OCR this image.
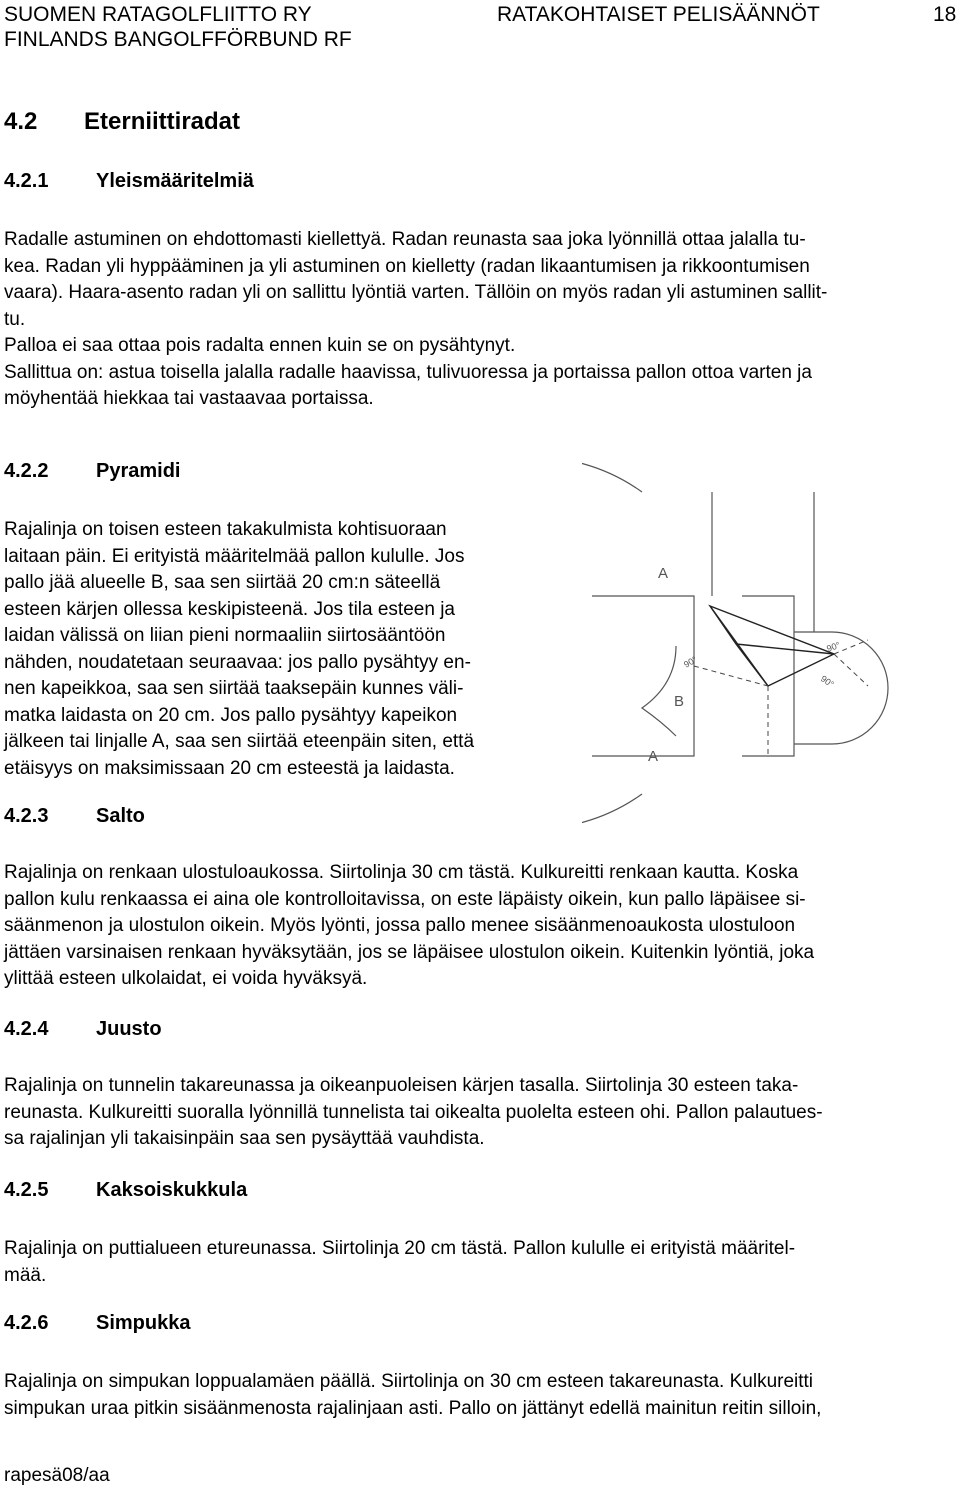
SUOMEN RATAGOLFLIITTO RY
FINLANDS BANGOLFFÖRBUND RF
RATAKOHTAISET PELISÄÄNNÖT	18
4.2 Eterniittiradat
4.2.1 Yleismääritelmiä

Radalle astuminen on ehdottomasti kiellettyä. Radan reunasta saa joka lyönnillä ottaa jalalla tu-

kea. Radan yli hyppääminen ja yli astuminen on kielletty (radan likaantumisen ja rikkoontumisen

vaara). Haara-asento radan yli on sallittu lyöntiä varten. Tällöin on myös radan yli astuminen sallit-

tu.

Palloa ei saa ottaa pois radalta ennen kuin se on pysähtynyt.

Sallittua on: astua toisella jalalla radalle haavissa, tulivuoressa ja portaissa pallon ottoa varten ja

möyhentää hiekkaa tai vastaavaa portaissa.

4.2.2 Pyramidi

Rajalinja on toisen esteen takakulmista kohtisuoraan

laitaan päin. Ei erityistä määritelmää pallon kululle. Jos

pallo jää alueelle B, saa sen siirtää 20 cm:n säteellä

esteen kärjen ollessa keskipisteenä. Jos tila esteen ja

laidan välissä on liian pieni normaaliin siirtosääntöön

nähden, noudatetaan seuraavaa: jos pallo pysähtyy en-

nen kapeikkoa, saa sen siirtää taaksepäin kunnes väli-

matka laidasta on 20 cm. Jos pallo pysähtyy kapeikon

jälkeen tai linjalle A, saa sen siirtää eteenpäin siten, että

etäisyys on maksimissaan 20 cm esteestä ja laidasta.

A
A
B
90°
90°
90°
4.2.3 Salto

Rajalinja on renkaan ulostuloaukossa. Siirtolinja 30 cm tästä. Kulkureitti renkaan kautta. Koska

pallon kulu renkaassa ei aina ole kontrolloitavissa, on este läpäisty oikein, kun pallo läpäisee si-

säänmenon ja ulostulon oikein. Myös lyönti, jossa pallo menee sisäänmenoaukosta ulostuloon

jättäen varsinaisen renkaan hyväksytään, jos se läpäisee ulostulon oikein. Kuitenkin lyöntiä, joka

ylittää esteen ulkolaidat, ei voida hyväksyä.

4.2.4 Juusto

Rajalinja on tunnelin takareunassa ja oikeanpuoleisen kärjen tasalla. Siirtolinja 30 esteen taka-

reunasta. Kulkureitti suoralla lyönnillä tunnelista tai oikealta puolelta esteen ohi. Pallon palautues-

sa rajalinjan yli takaisinpäin saa sen pysäyttää vauhdista.

4.2.5 Kaksoiskukkula

Rajalinja on puttialueen etureunassa. Siirtolinja 20 cm tästä. Pallon kululle ei erityistä määritel-

mää.

4.2.6 Simpukka

Rajalinja on simpukan loppualamäen päällä. Siirtolinja on 30 cm esteen takareunasta. Kulkureitti

simpukan uraa pitkin sisäänmenosta rajalinjaan asti. Pallo on jättänyt edellä mainitun reitin silloin,

rapesä08/aa
